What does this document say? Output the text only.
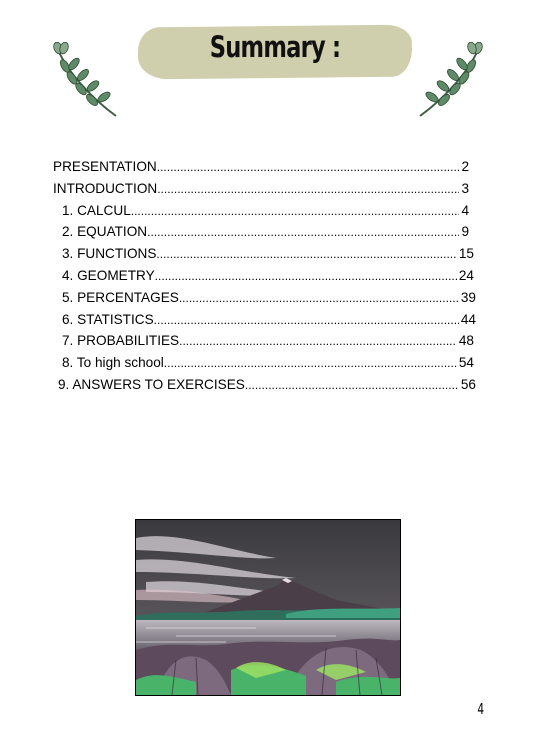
Summary :
PRESENTATION .....	2
INTRODUCTION .....	3
1. CALCUL .....	4
2. EQUATION .....	9
3. FUNCTIONS .....	15
4. GEOMETRY .....	24
5. PERCENTAGES .....	39
6. STATISTICS .....	44
7. PROBABILITIES .....	48
8. To high school .....	54
9. ANSWERS TO EXERCISES .....	56
4
